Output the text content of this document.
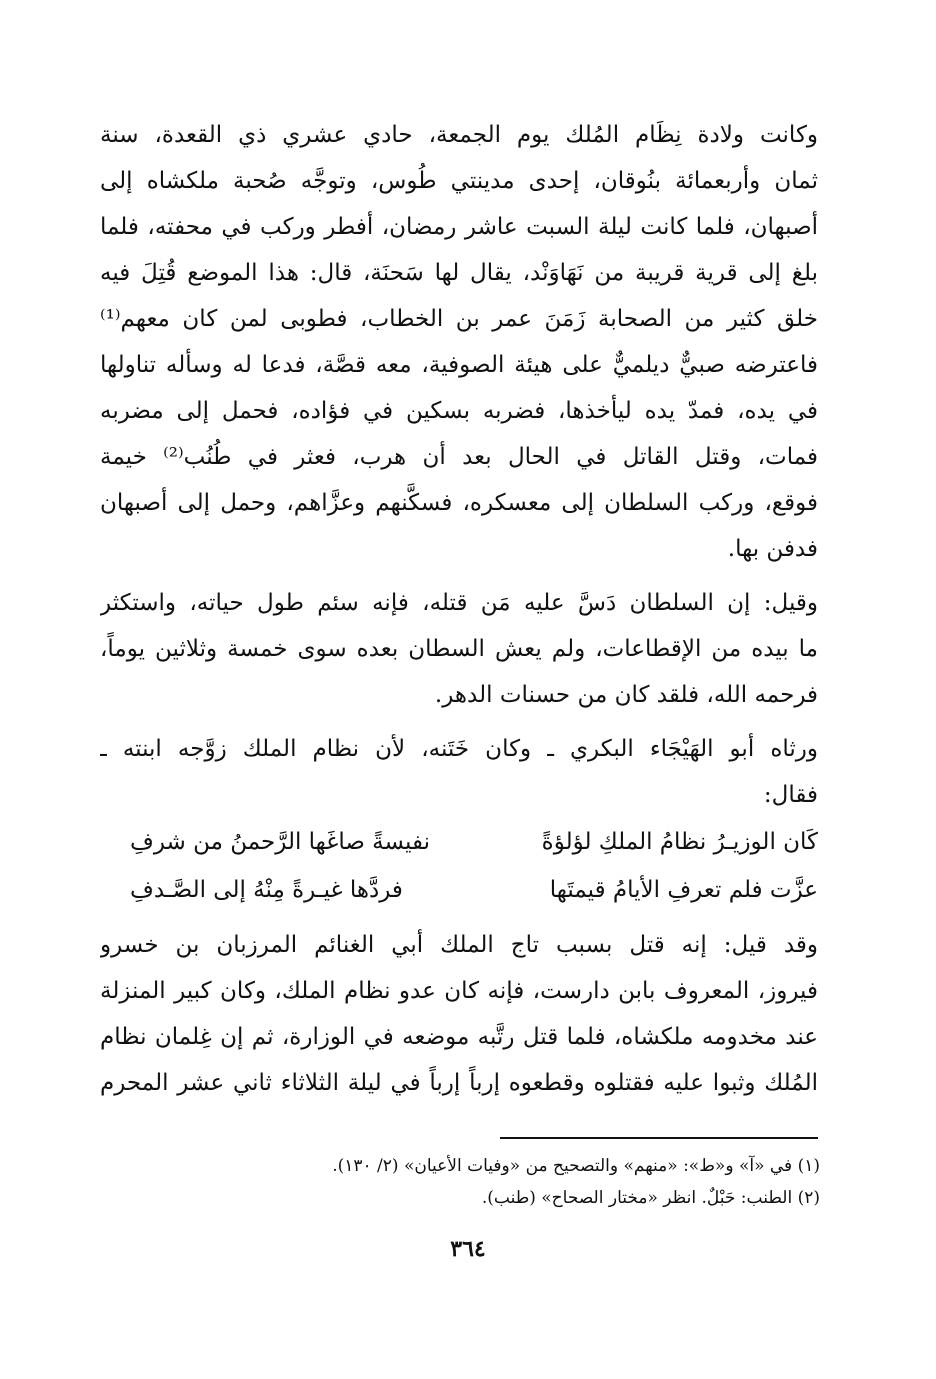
وكانت ولادة نِظَام المُلك يوم الجمعة، حادي عشري ذي القعدة، سنة
ثمان وأربعمائة بنُوقان، إحدى مدينتي طُوس، وتوجَّه صُحبة ملكشاه إلى
أصبهان، فلما كانت ليلة السبت عاشر رمضان، أفطر وركب في محفته، فلما
بلغ إلى قرية قريبة من نَهَاوَنْد، يقال لها سَحنَة، قال: هذا الموضع قُتِلَ فيه
خلق كثير من الصحابة زَمَنَ عمر بن الخطاب، فطوبى لمن كان معهم⁽¹⁾
فاعترضه صبيٌّ ديلميٌّ على هيئة الصوفية، معه قصَّة، فدعا له وسأله تناولها
في يده، فمدّ يده ليأخذها، فضربه بسكين في فؤاده، فحمل إلى مضربه
فمات، وقتل القاتل في الحال بعد أن هرب، فعثر في طُنُب⁽²⁾ خيمة
فوقع، وركب السلطان إلى معسكره، فسكَّنهم وعزَّاهم، وحمل إلى أصبهان
فدفن بها.
وقيل: إن السلطان دَسَّ عليه مَن قتله، فإنه سئم طول حياته، واستكثر
ما بيده من الإقطاعات، ولم يعش السطان بعده سوى خمسة وثلاثين يوماً،
فرحمه الله، فلقد كان من حسنات الدهر.
ورثاه أبو الهَيْجَاء البكري ـ وكان خَتَنه، لأن نظام الملك زوَّجه ابنته ـ
فقال:
كَان الوزيـرُ نظامُ الملكِ لؤلؤةً
نفيسةً صاغَها الرَّحمنُ من شرفِ
عزَّت فلم تعرفِ الأيامُ قيمتَها
فردَّها غيـرةً مِنْهُ إلى الصَّـدفِ
وقد قيل: إنه قتل بسبب تاج الملك أبي الغنائم المرزبان بن خسرو
فيروز، المعروف بابن دارست، فإنه كان عدو نظام الملك، وكان كبير المنزلة
عند مخدومه ملكشاه، فلما قتل رتَّبه موضعه في الوزارة، ثم إن غِلمان نظام
المُلك وثبوا عليه فقتلوه وقطعوه إرباً إرباً في ليلة الثلاثاء ثاني عشر المحرم
(١) في «آ» و«ط»: «منهم» والتصحيح من «وفيات الأعيان» (٢/ ١٣٠).
(٢) الطنب: حَبْلٌ. انظر «مختار الصحاح» (طنب).
٣٦٤
